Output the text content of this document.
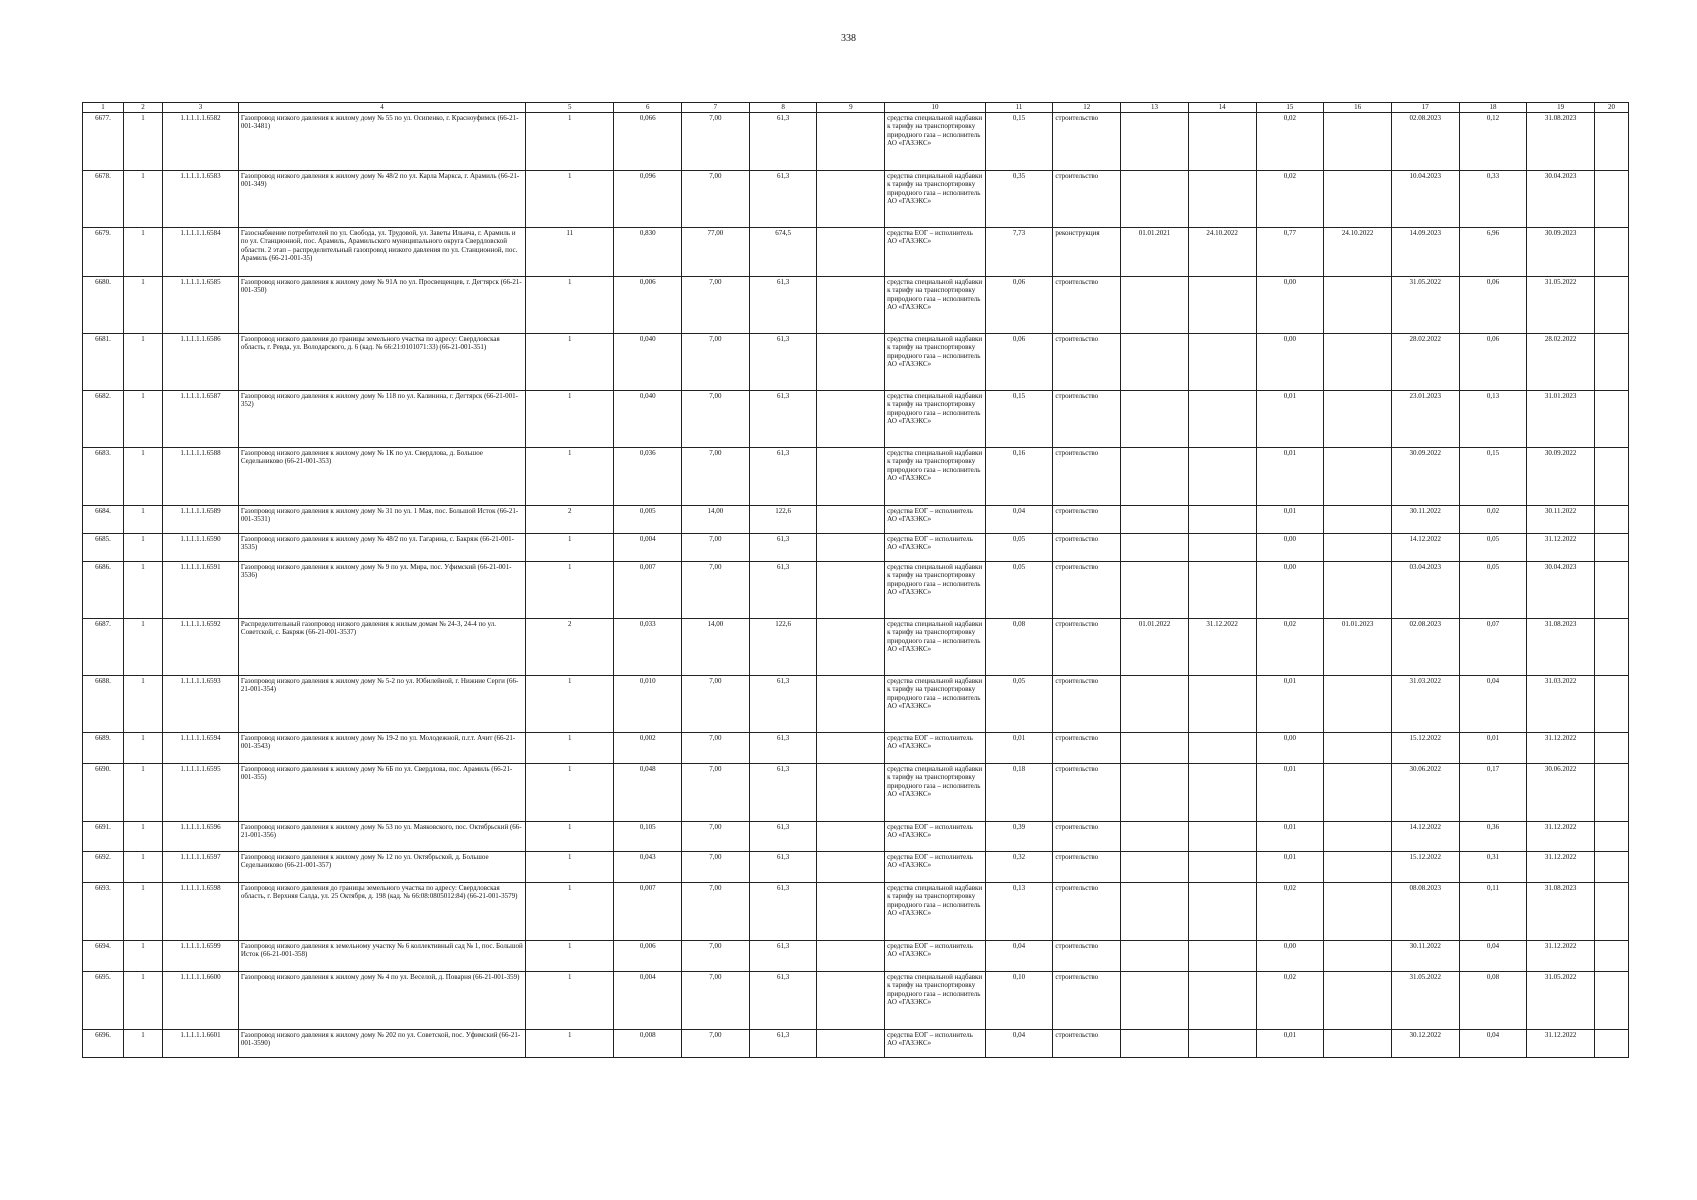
338
1	2	3	4	5	6	7	8	9	10	11	12	13	14	15	16	17	18	19	20
6677.	1	1.1.1.1.1.6582	Газопровод низкого давления к жилому дому № 55 по ул. Осипенко, г. Красноуфимск (66-21-001-3481)	1	0,066	7,00	61,3		средства специальной надбавки к тарифу на транспортировку природного газа – исполнитель АО «ГАЗЭКС»	0,15	строительство			0,02		02.08.2023	0,12	31.08.2023	
6678.	1	1.1.1.1.1.6583	Газопровод низкого давления к жилому дому № 48/2 по ул. Карла Маркса, г. Арамиль (66-21-001-349)	1	0,096	7,00	61,3		средства специальной надбавки к тарифу на транспортировку природного газа – исполнитель АО «ГАЗЭКС»	0,35	строительство			0,02		10.04.2023	0,33	30.04.2023	
6679.	1	1.1.1.1.1.6584	Газоснабжение потребителей по ул. Свобода, ул. Трудовой, ул. Заветы Ильича, г. Арамиль и по ул. Станционной, пос. Арамиль, Арамильского муниципального округа Свердловской области. 2 этап – распределительный газопровод низкого давления по ул. Станционной, пос. Арамиль (66-21-001-35)	11	0,830	77,00	674,5		средства ЕОГ – исполнитель АО «ГАЗЭКС»	7,73	реконструкция	01.01.2021	24.10.2022	0,77	24.10.2022	14.09.2023	6,96	30.09.2023	
6680.	1	1.1.1.1.1.6585	Газопровод низкого давления к жилому дому № 91А по ул. Просвещенцев, г. Дегтярск (66-21-001-350)	1	0,006	7,00	61,3		средства специальной надбавки к тарифу на транспортировку природного газа – исполнитель АО «ГАЗЭКС»	0,06	строительство			0,00		31.05.2022	0,06	31.05.2022	
6681.	1	1.1.1.1.1.6586	Газопровод низкого давления до границы земельного участка по адресу: Свердловская область, г. Ревда, ул. Володарского, д. 6 (кад. № 66:21:0101071:33) (66-21-001-351)	1	0,040	7,00	61,3		средства специальной надбавки к тарифу на транспортировку природного газа – исполнитель АО «ГАЗЭКС»	0,06	строительство			0,00		28.02.2022	0,06	28.02.2022	
6682.	1	1.1.1.1.1.6587	Газопровод низкого давления к жилому дому № 118 по ул. Калинина, г. Дегтярск (66-21-001-352)	1	0,040	7,00	61,3		средства специальной надбавки к тарифу на транспортировку природного газа – исполнитель АО «ГАЗЭКС»	0,15	строительство			0,01		23.01.2023	0,13	31.01.2023	
6683.	1	1.1.1.1.1.6588	Газопровод низкого давления к жилому дому № 1К по ул. Свердлова, д. Большое Седельниково (66-21-001-353)	1	0,036	7,00	61,3		средства специальной надбавки к тарифу на транспортировку природного газа – исполнитель АО «ГАЗЭКС»	0,16	строительство			0,01		30.09.2022	0,15	30.09.2022	
6684.	1	1.1.1.1.1.6589	Газопровод низкого давления к жилому дому № 31 по ул. 1 Мая, пос. Большой Исток (66-21-001-3531)	2	0,005	14,00	122,6		средства ЕОГ – исполнитель АО «ГАЗЭКС»	0,04	строительство			0,01		30.11.2022	0,02	30.11.2022	
6685.	1	1.1.1.1.1.6590	Газопровод низкого давления к жилому дому № 48/2 по ул. Гагарина, с. Бакряж (66-21-001-3535)	1	0,004	7,00	61,3		средства ЕОГ – исполнитель АО «ГАЗЭКС»	0,05	строительство			0,00		14.12.2022	0,05	31.12.2022	
6686.	1	1.1.1.1.1.6591	Газопровод низкого давления к жилому дому № 9 по ул. Мира, пос. Уфимский (66-21-001-3536)	1	0,007	7,00	61,3		средства специальной надбавки к тарифу на транспортировку природного газа – исполнитель АО «ГАЗЭКС»	0,05	строительство			0,00		03.04.2023	0,05	30.04.2023	
6687.	1	1.1.1.1.1.6592	Распределительный газопровод низкого давления к жилым домам № 24-3, 24-4 по ул. Советской, с. Бакряж (66-21-001-3537)	2	0,033	14,00	122,6		средства специальной надбавки к тарифу на транспортировку природного газа – исполнитель АО «ГАЗЭКС»	0,08	строительство	01.01.2022	31.12.2022	0,02	01.01.2023	02.08.2023	0,07	31.08.2023	
6688.	1	1.1.1.1.1.6593	Газопровод низкого давления к жилому дому № 5-2 по ул. Юбилейной, г. Нижние Серги (66-21-001-354)	1	0,010	7,00	61,3		средства специальной надбавки к тарифу на транспортировку природного газа – исполнитель АО «ГАЗЭКС»	0,05	строительство			0,01		31.03.2022	0,04	31.03.2022	
6689.	1	1.1.1.1.1.6594	Газопровод низкого давления к жилому дому № 19-2 по ул. Молодежной, п.г.т. Ачит (66-21-001-3543)	1	0,002	7,00	61,3		средства ЕОГ – исполнитель АО «ГАЗЭКС»	0,01	строительство			0,00		15.12.2022	0,01	31.12.2022	
6690.	1	1.1.1.1.1.6595	Газопровод низкого давления к жилому дому № 6Б по ул. Свердлова, пос. Арамиль (66-21-001-355)	1	0,048	7,00	61,3		средства специальной надбавки к тарифу на транспортировку природного газа – исполнитель АО «ГАЗЭКС»	0,18	строительство			0,01		30.06.2022	0,17	30.06.2022	
6691.	1	1.1.1.1.1.6596	Газопровод низкого давления к жилому дому № 53 по ул. Маяковского, пос. Октябрьский (66-21-001-356)	1	0,105	7,00	61,3		средства ЕОГ – исполнитель АО «ГАЗЭКС»	0,39	строительство			0,01		14.12.2022	0,36	31.12.2022	
6692.	1	1.1.1.1.1.6597	Газопровод низкого давления к жилому дому № 12 по ул. Октябрьской, д. Большое Седельниково (66-21-001-357)	1	0,043	7,00	61,3		средства ЕОГ – исполнитель АО «ГАЗЭКС»	0,32	строительство			0,01		15.12.2022	0,31	31.12.2022	
6693.	1	1.1.1.1.1.6598	Газопровод низкого давления до границы земельного участка по адресу: Свердловская область, г. Верхняя Салда, ул. 25 Октября, д. 198 (кад. № 66:08:0805012:84) (66-21-001-3579)	1	0,007	7,00	61,3		средства специальной надбавки к тарифу на транспортировку природного газа – исполнитель АО «ГАЗЭКС»	0,13	строительство			0,02		08.08.2023	0,11	31.08.2023	
6694.	1	1.1.1.1.1.6599	Газопровод низкого давления к земельному участку № 6 коллективный сад № 1, пос. Большой Исток (66-21-001-358)	1	0,006	7,00	61,3		средства ЕОГ – исполнитель АО «ГАЗЭКС»	0,04	строительство			0,00		30.11.2022	0,04	31.12.2022	
6695.	1	1.1.1.1.1.6600	Газопровод низкого давления к жилому дому № 4 по ул. Веселой, д. Поварня (66-21-001-359)	1	0,004	7,00	61,3		средства специальной надбавки к тарифу на транспортировку природного газа – исполнитель АО «ГАЗЭКС»	0,10	строительство			0,02		31.05.2022	0,08	31.05.2022	
6696.	1	1.1.1.1.1.6601	Газопровод низкого давления к жилому дому № 202 по ул. Советской, пос. Уфимский (66-21-001-3590)	1	0,008	7,00	61,3		средства ЕОГ – исполнитель АО «ГАЗЭКС»	0,04	строительство			0,01		30.12.2022	0,04	31.12.2022	
